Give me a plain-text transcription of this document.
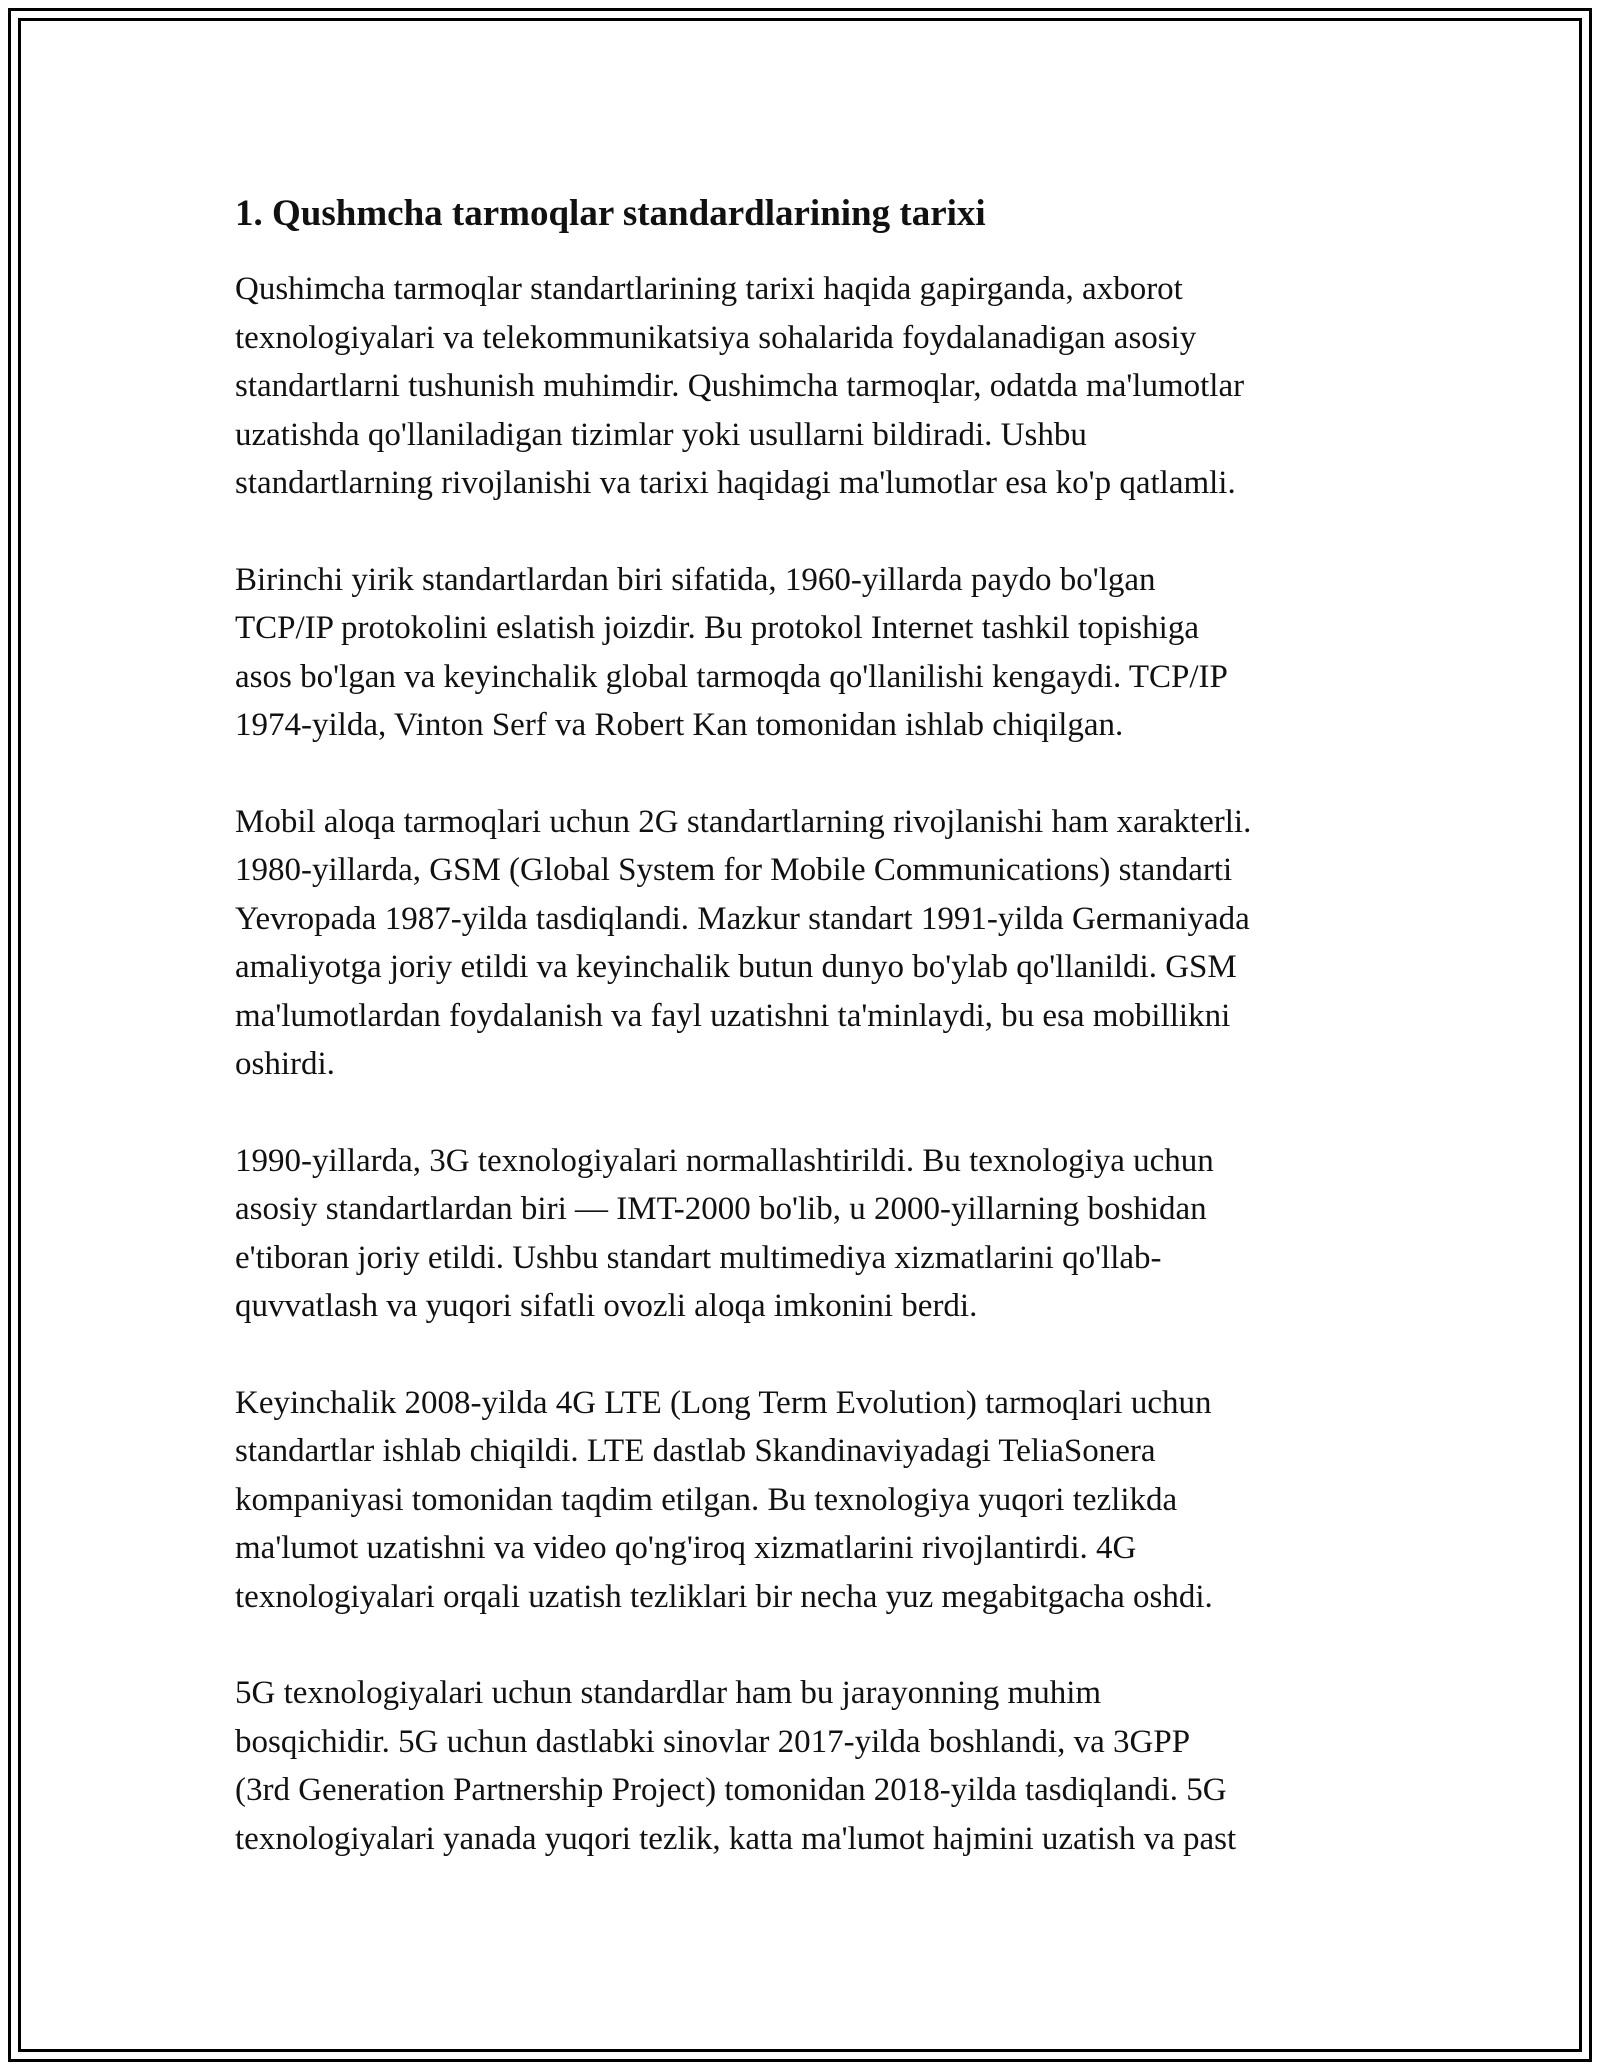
1. Qushmcha tarmoqlar standardlarining tarixi

Qushimcha tarmoqlar standartlarining tarixi haqida gapirganda, axborot
texnologiyalari va telekommunikatsiya sohalarida foydalanadigan asosiy
standartlarni tushunish muhimdir. Qushimcha tarmoqlar, odatda ma'lumotlar
uzatishda qo'llaniladigan tizimlar yoki usullarni bildiradi. Ushbu
standartlarning rivojlanishi va tarixi haqidagi ma'lumotlar esa ko'p qatlamli.

Birinchi yirik standartlardan biri sifatida, 1960-yillarda paydo bo'lgan
TCP/IP protokolini eslatish joizdir. Bu protokol Internet tashkil topishiga
asos bo'lgan va keyinchalik global tarmoqda qo'llanilishi kengaydi. TCP/IP
1974-yilda, Vinton Serf va Robert Kan tomonidan ishlab chiqilgan.

Mobil aloqa tarmoqlari uchun 2G standartlarning rivojlanishi ham xarakterli.
1980-yillarda, GSM (Global System for Mobile Communications) standarti
Yevropada 1987-yilda tasdiqlandi. Mazkur standart 1991-yilda Germaniyada
amaliyotga joriy etildi va keyinchalik butun dunyo bo'ylab qo'llanildi. GSM
ma'lumotlardan foydalanish va fayl uzatishni ta'minlaydi, bu esa mobillikni
oshirdi.

1990-yillarda, 3G texnologiyalari normallashtirildi. Bu texnologiya uchun
asosiy standartlardan biri — IMT-2000 bo'lib, u 2000-yillarning boshidan
e'tiboran joriy etildi. Ushbu standart multimediya xizmatlarini qo'llab-
quvvatlash va yuqori sifatli ovozli aloqa imkonini berdi.

Keyinchalik 2008-yilda 4G LTE (Long Term Evolution) tarmoqlari uchun
standartlar ishlab chiqildi. LTE dastlab Skandinaviyadagi TeliaSonera
kompaniyasi tomonidan taqdim etilgan. Bu texnologiya yuqori tezlikda
ma'lumot uzatishni va video qo'ng'iroq xizmatlarini rivojlantirdi. 4G
texnologiyalari orqali uzatish tezliklari bir necha yuz megabitgacha oshdi.

5G texnologiyalari uchun standardlar ham bu jarayonning muhim
bosqichidir. 5G uchun dastlabki sinovlar 2017-yilda boshlandi, va 3GPP
(3rd Generation Partnership Project) tomonidan 2018-yilda tasdiqlandi. 5G
texnologiyalari yanada yuqori tezlik, katta ma'lumot hajmini uzatish va past
